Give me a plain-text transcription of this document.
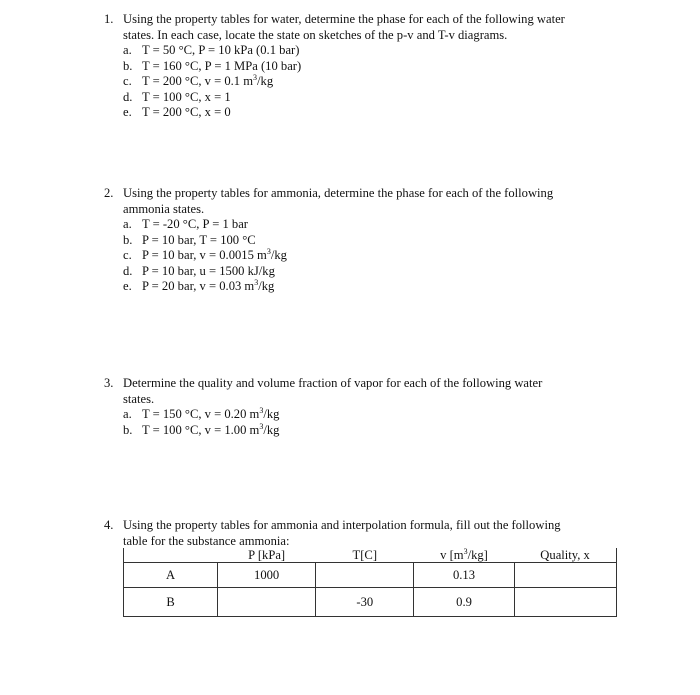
1. Using the property tables for water, determine the phase for each of the following water
states. In each case, locate the state on sketches of the p-v and T-v diagrams.
a. T = 50 °C, P = 10 kPa (0.1 bar)
b. T = 160 °C, P = 1 MPa (10 bar)
c. T = 200 °C, v = 0.1 $m^3/kg$
d. T = 100 °C, x = 1
e. T = 200 °C, x = 0
2. Using the property tables for ammonia, determine the phase for each of the following
ammonia states.
a. T = -20 °C, P = 1 bar
b. P = 10 bar, T = 100 °C
c. P = 10 bar, v = 0.0015 $m^3/kg$
d. P = 10 bar, u = 1500 kJ/kg
e. P = 20 bar, v = 0.03 $m^3/kg$
3. Determine the quality and volume fraction of vapor for each of the following water
states.
a. T = 150 °C, v = 0.20 $m^3/kg$
b. T = 100 °C, v = 1.00 $m^3/kg$
4. Using the property tables for ammonia and interpolation formula, fill out the following
table for the substance ammonia:
	P [kPa]	T[C]	v $[m^3/kg]$	Quality, x
A	1000		0.13	
B		-30	0.9	
